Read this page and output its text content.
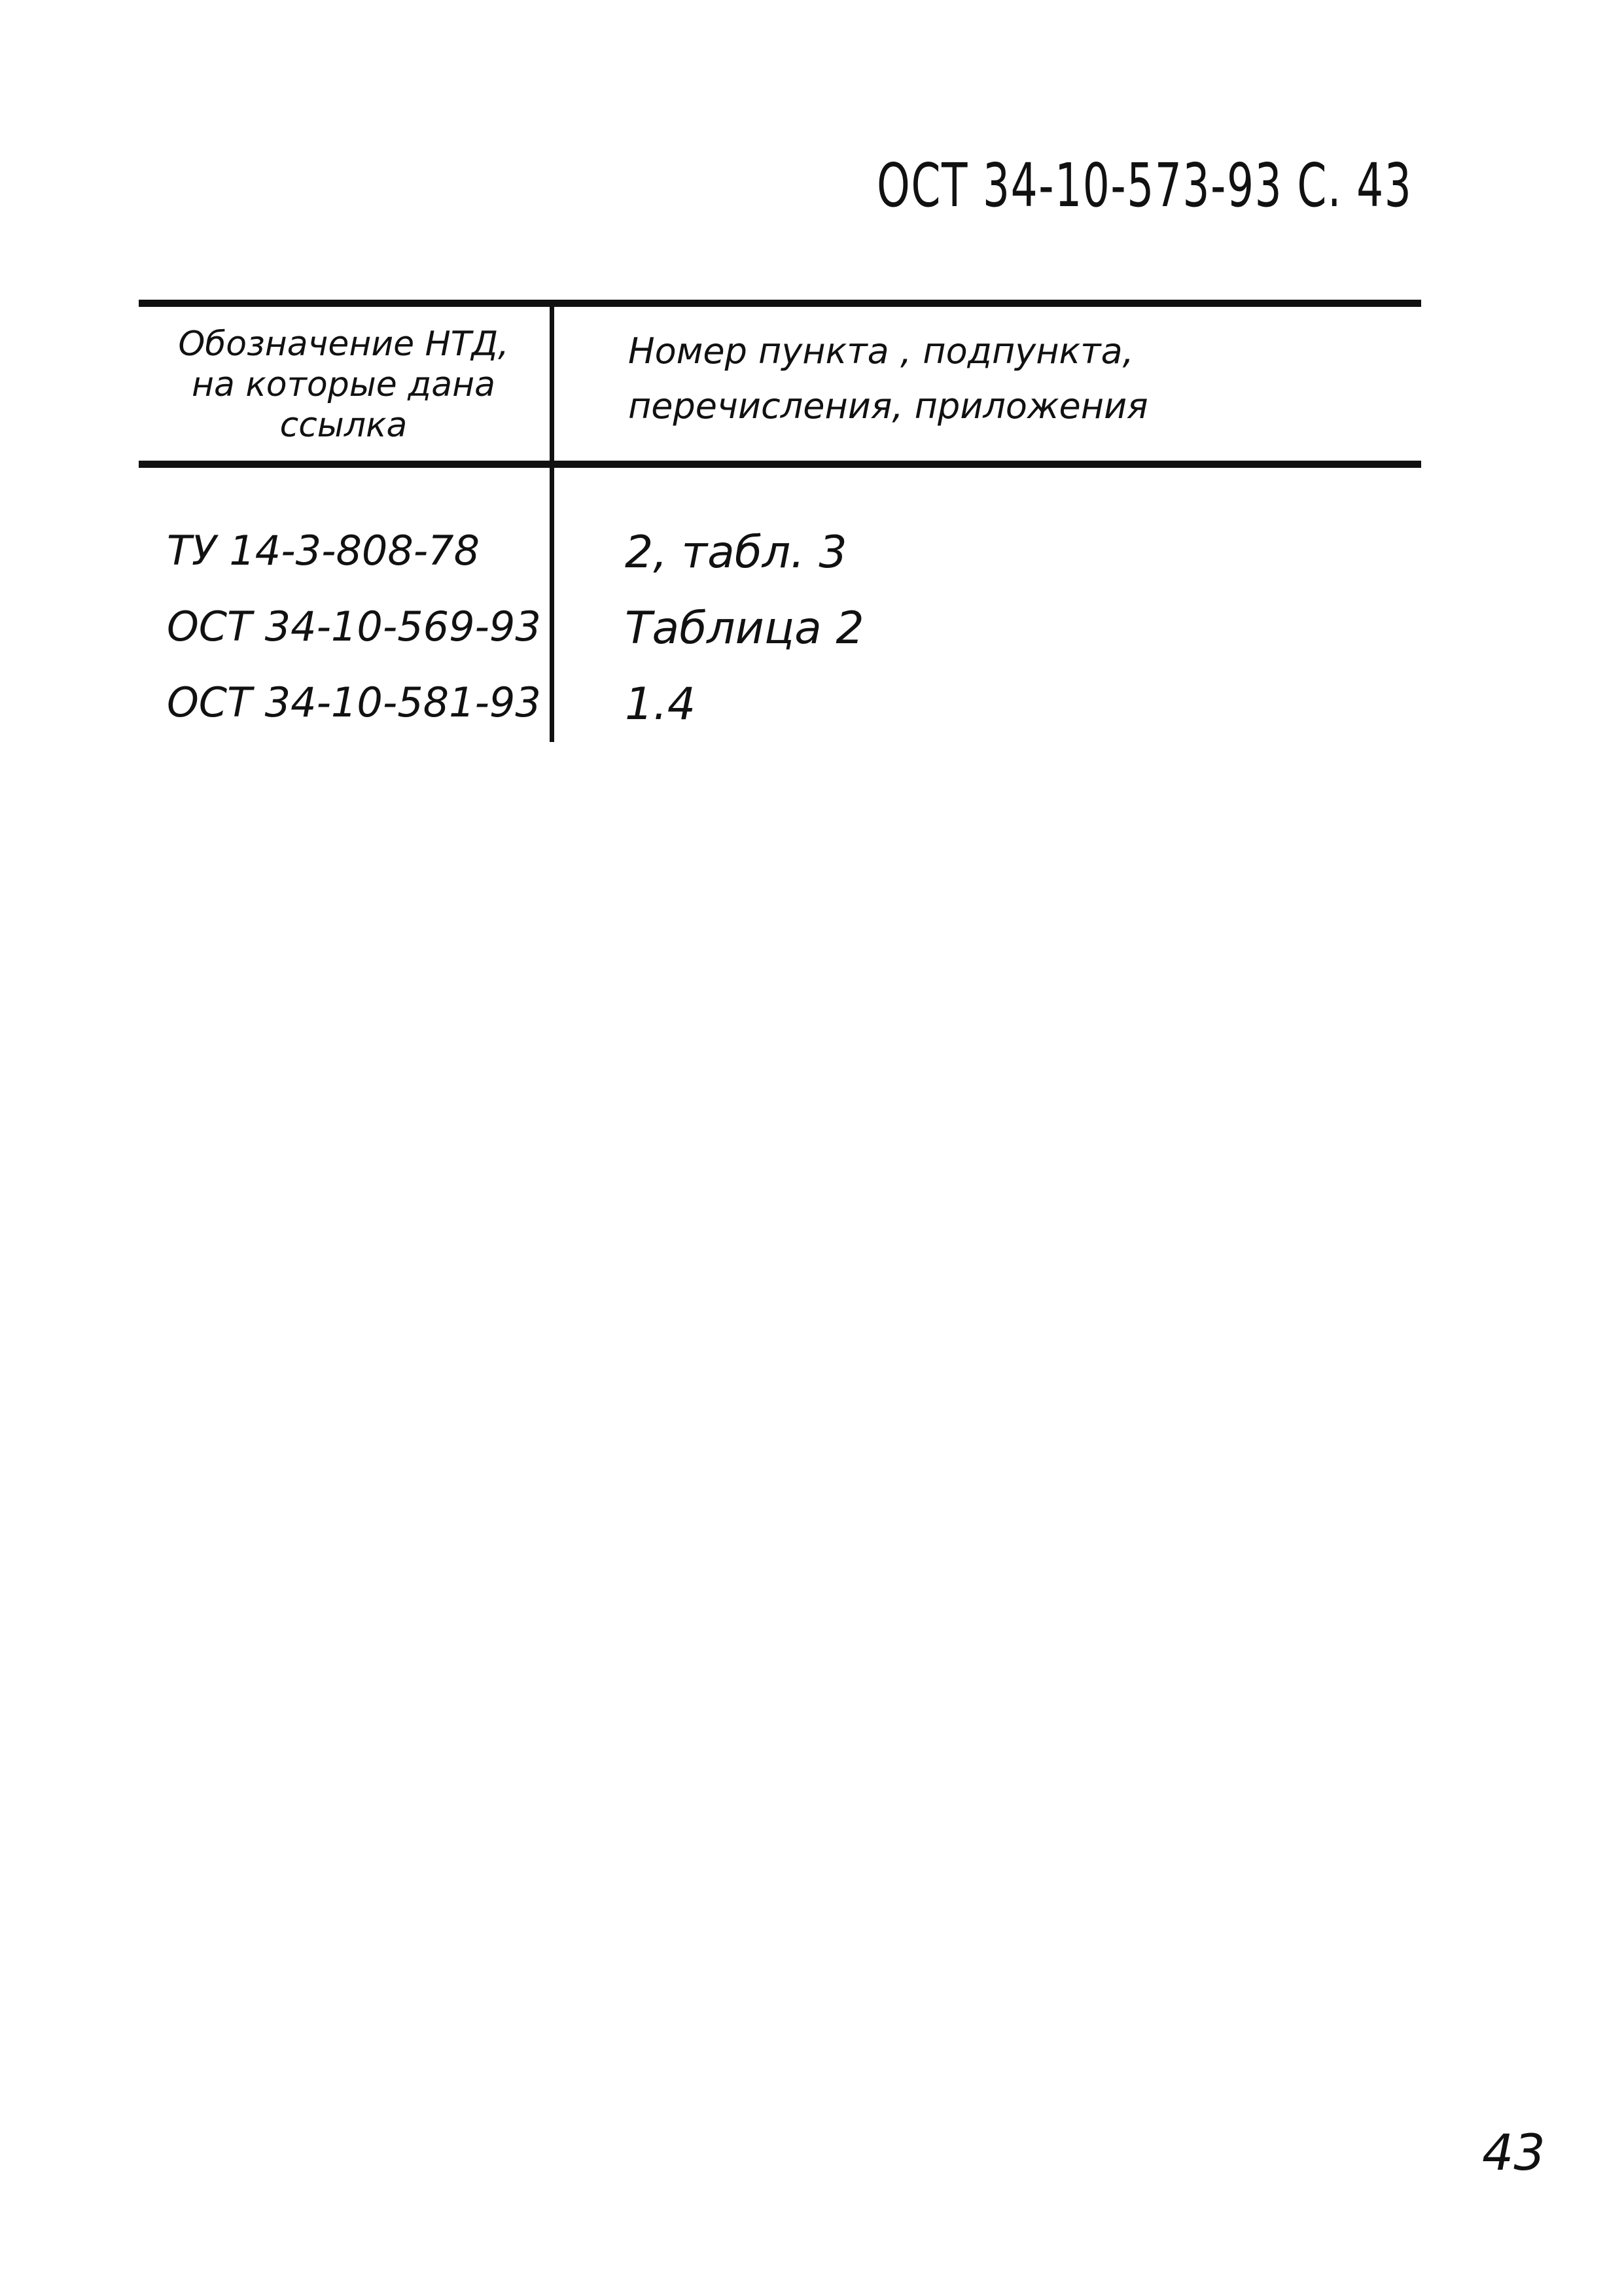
ОСТ 34-10-573-93 С. 43
Обозначение НТД,
на которые дана
ссылка
Номер пункта , подпункта,
перечисления, приложения
ТУ 14-3-808-78	2, табл. 3
ОСТ 34-10-569-93 Таблица 2
ОСТ 34-10-581-93 1.4
43
